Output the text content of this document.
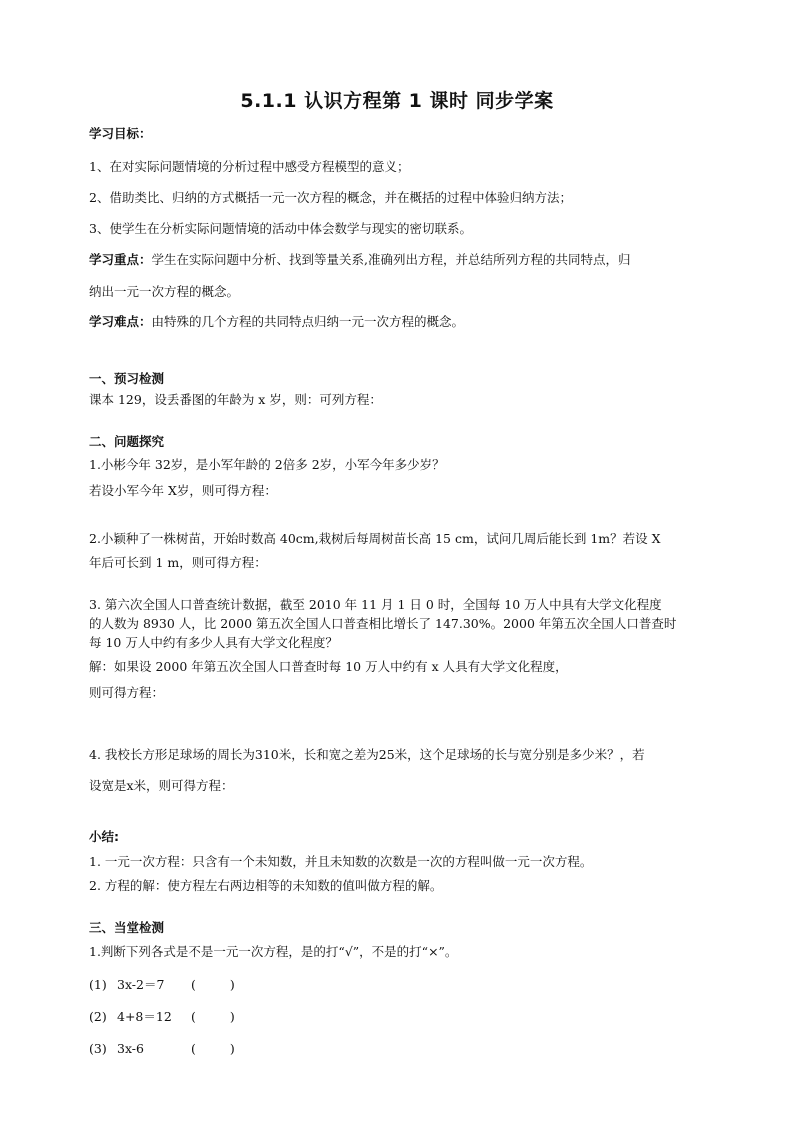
5.1.1 认识方程第 1 课时 同步学案
学习目标：
1、在对实际问题情境的分析过程中感受方程模型的意义；
2、借助类比、归纳的方式概括一元一次方程的概念，并在概括的过程中体验归纳方法；
3、使学生在分析实际问题情境的活动中体会数学与现实的密切联系。
学习重点：学生在实际问题中分析、找到等量关系,准确列出方程，并总结所列方程的共同特点，归
纳出一元一次方程的概念。
学习难点：由特殊的几个方程的共同特点归纳一元一次方程的概念。
一、预习检测
课本 129，设丢番图的年龄为 x 岁，则：可列方程：
二、问题探究
1.小彬今年 32岁，是小军年龄的 2倍多 2岁，小军今年多少岁？
若设小军今年 X岁，则可得方程：
2.小颖种了一株树苗，开始时数高 40cm,栽树后每周树苗长高 15 cm，试问几周后能长到 1m？若设 X
年后可长到 1 m，则可得方程：
3. 第六次全国人口普查统计数据，截至 2010 年 11 月 1 日 0 时，全国每 10 万人中具有大学文化程度
的人数为 8930 人，比 2000 第五次全国人口普查相比增长了 147.30%。2000 年第五次全国人口普查时
每 10 万人中约有多少人具有大学文化程度？
解：如果设 2000 年第五次全国人口普查时每 10 万人中约有 x 人具有大学文化程度，
则可得方程：
4. 我校长方形足球场的周长为310米，长和宽之差为25米，这个足球场的长与宽分别是多少米？，若
设宽是x米，则可得方程：
小结:
1. 一元一次方程：只含有一个未知数，并且未知数的次数是一次的方程叫做一元一次方程。
2. 方程的解：使方程左右两边相等的未知数的值叫做方程的解。
三、当堂检测
1.判断下列各式是不是一元一次方程，是的打“√”，不是的打“×”。
(1) 3x-2＝7 (	)
(2) 4+8＝12 (	)
(3) 3x-6	(	)
